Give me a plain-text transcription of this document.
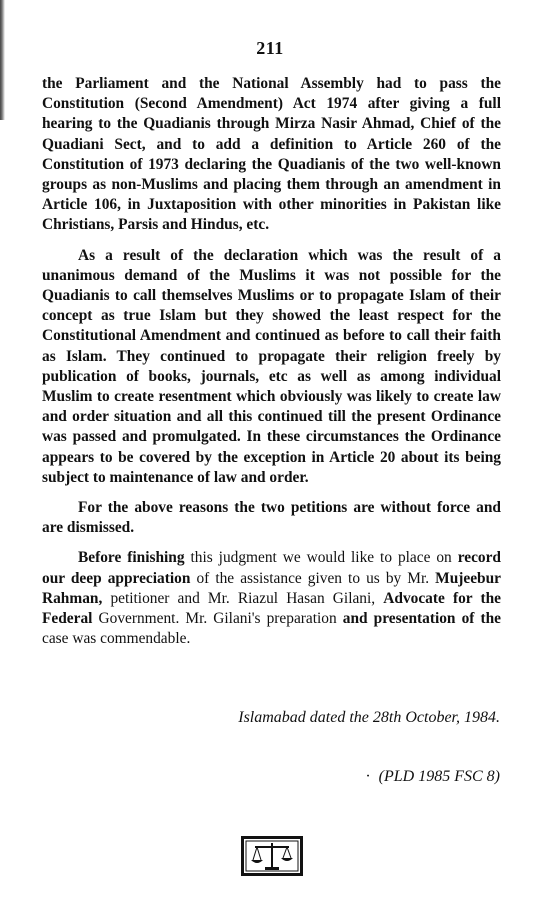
211

the Parliament and the National Assembly had to pass the Constitution (Second Amendment) Act 1974 after giving a full hearing to the Quadianis through Mirza Nasir Ahmad, Chief of the Quadiani Sect, and to add a definition to Article 260 of the Constitution of 1973 declaring the Quadianis of the two well-known groups as non-Muslims and placing them through an amendment in Article 106, in Juxtaposition with other minorities in Pakistan like Christians, Parsis and Hindus, etc.

As a result of the declaration which was the result of a unanimous demand of the Muslims it was not possible for the Quadianis to call themselves Muslims or to propagate Islam of their concept as true Islam but they showed the least respect for the Constitutional Amendment and continued as before to call their faith as Islam. They continued to propagate their religion freely by publication of books, journals, etc as well as among individual Muslim to create resentment which obviously was likely to create law and order situation and all this continued till the present Ordinance was passed and promulgated. In these circumstances the Ordinance appears to be covered by the exception in Article 20 about its being subject to maintenance of law and order.

For the above reasons the two petitions are without force and are dismissed.

Before finishing this judgment we would like to place on record our deep appreciation of the assistance given to us by Mr. Mujeebur Rahman, petitioner and Mr. Riazul Hasan Gilani, Advocate for the Federal Government. Mr. Gilani's preparation and presentation of the case was commendable.

Islamabad dated the 28th October, 1984.
· (PLD 1985 FSC 8)
